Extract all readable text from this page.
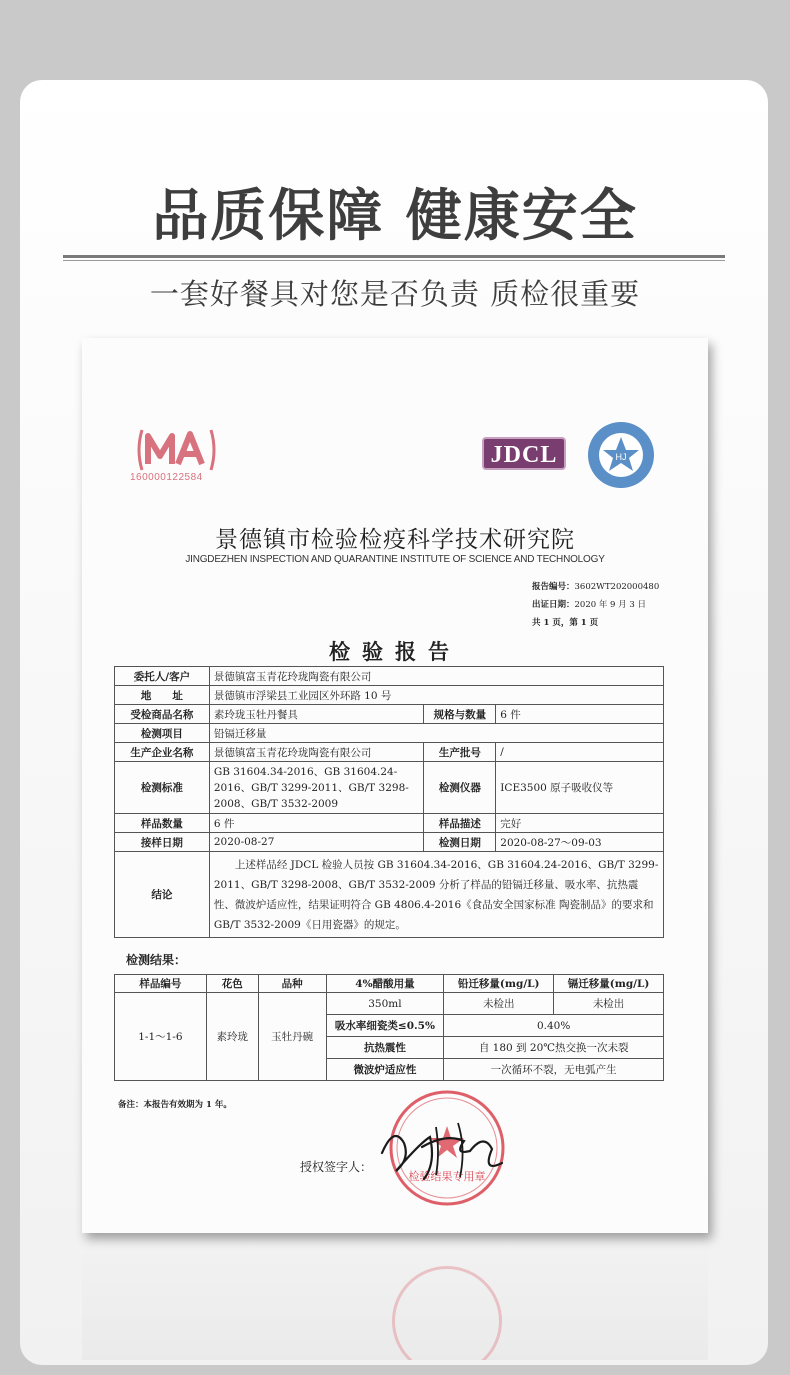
品质保障 健康安全
一套好餐具对您是否负责 质检很重要
160000122584
JDCL	HJ
景德镇市检验检疫科学技术研究院
JINGDEZHEN INSPECTION AND QUARANTINE INSTITUTE OF SCIENCE AND TECHNOLOGY
报告编号：3602WT202000480
出证日期：2020 年 9 月 3 日
共 1 页，第 1 页
检验报告
委托人/客户	景德镇富玉青花玲珑陶瓷有限公司		
地　　址	景德镇市浮梁县工业园区外环路 10 号		
受检商品名称	素玲珑玉牡丹餐具	规格与数量	6 件
检测项目	铅镉迁移量		
生产企业名称	景德镇富玉青花玲珑陶瓷有限公司	生产批号	/
检测标准	GB 31604.34-2016、GB 31604.24-2016、GB/T 3299-2011、GB/T 3298-2008、GB/T 3532-2009	检测仪器	ICE3500 原子吸收仪等
样品数量	6 件	样品描述	完好
接样日期	2020-08-27	检测日期	2020-08-27～09-03
结论	上述样品经 JDCL 检验人员按 GB 31604.34-2016、GB 31604.24-2016、GB/T 3299-2011、GB/T 3298-2008、GB/T 3532-2009 分析了样品的铅镉迁移量、吸水率、抗热震性、微波炉适应性，结果证明符合 GB 4806.4-2016《食品安全国家标准 陶瓷制品》的要求和 GB/T 3532-2009《日用瓷器》的规定。		
检测结果：
样品编号	花色	品种	4%醋酸用量	铅迁移量(mg/L)	镉迁移量(mg/L)
1-1～1-6	素玲珑	玉牡丹碗	350ml	未检出	未检出
			吸水率细瓷类≤0.5%	0.40%	
			抗热震性	自 180 到 20℃热交换一次未裂	
			微波炉适应性	一次循环不裂，无电弧产生	
备注：本报告有效期为 1 年。
授权签字人：
检验结果专用章
